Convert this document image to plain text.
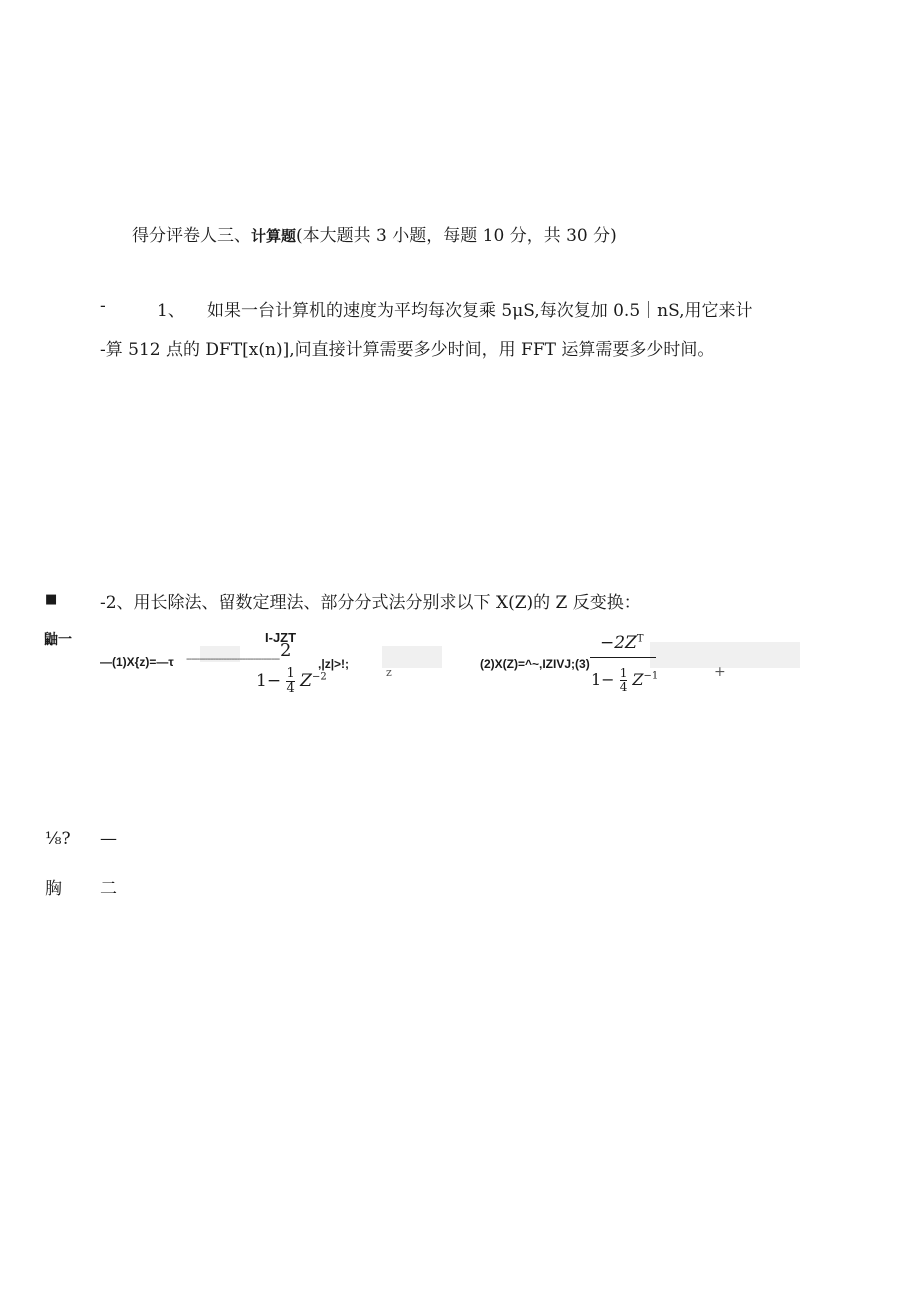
得分评卷人三、计算题(本大题共 3 小题，每题 10 分，共 30 分)
-	1、 如果一台计算机的速度为平均每次复乘 5μS,每次复加 0.5｜nS,用它来计
-算 512 点的 DFT[x(n)],问直接计算需要多少时间，用 FFT 运算需要多少时间。
■	-2、用长除法、留数定理法、部分分式法分别求以下 X(Z)的 Z 反变换：
鼬一
—(1)X{z)=—τ -----------------------------------
I-JZT
2
$1- \frac{1}{4} Z^{-2}$
,|z|>!;
z
(2)X(Z)=^~,IZIVJ;(3)
$-2Z^T$
$1- \frac{1}{4} Z^{-1}$	+
⅛? —
胸 二
